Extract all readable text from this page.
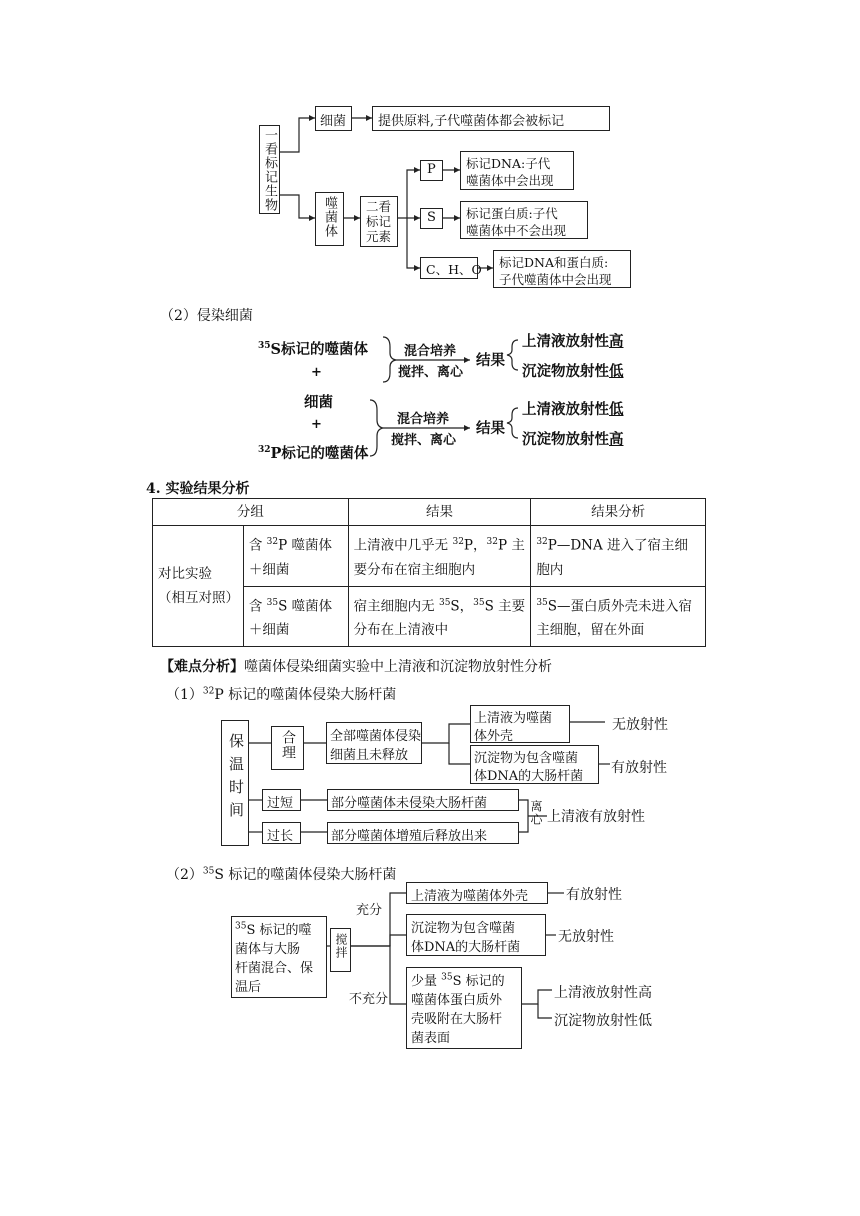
一看标记生物
细菌 提供原料,子代噬菌体都会被标记
噬菌体 二看标记元素
P 标记DNA:子代
噬菌体中会出现
S 标记蛋白质:子代
噬菌体中不会出现
C、H、O 标记DNA和蛋白质:
子代噬菌体中会出现
（2）侵染细菌
$^{35}$S标记的噬菌体
+
细菌
+
$^{32}$P标记的噬菌体
混合培养
搅拌、离心
结果
上清液放射性高
沉淀物放射性低
混合培养
搅拌、离心
结果
上清液放射性低
沉淀物放射性高
4. 实验结果分析
分组		结果	结果分析
对比实验（相互对照）	含 $^{32}$P 噬菌体＋细菌	上清液中几乎无 $^{32}$P，$^{32}$P 主要分布在宿主细胞内	$^{32}$P—DNA 进入了宿主细胞内
	含 $^{35}$S 噬菌体＋细菌	宿主细胞内无 $^{35}$S，$^{35}$S 主要分布在上清液中	$^{35}$S—蛋白质外壳未进入宿主细胞，留在外面
【难点分析】噬菌体侵染细菌实验中上清液和沉淀物放射性分析
$(1)^{32}P$ 标记的噬菌体侵染大肠杆菌
保温时间	合理	全部噬菌体侵染
细菌且未释放
上清液为噬菌
体外壳
无放射性
沉淀物为包含噬菌
体DNA的大肠杆菌
有放射性
过短	部分噬菌体未侵染大肠杆菌
过长	部分噬菌体增殖后释放出来
离心 上清液有放射性
$(2)^{35}S$ 标记的噬菌体侵染大肠杆菌
$^{35}$S 标记的噬
菌体与大肠
杆菌混合、保
温后
搅拌
充分
不充分
上清液为噬菌体外壳	有放射性
沉淀物为包含噬菌
体DNA的大肠杆菌
无放射性
少量 $^{35}$S 标记的
噬菌体蛋白质外
壳吸附在大肠杆
菌表面
上清液放射性高
沉淀物放射性低
